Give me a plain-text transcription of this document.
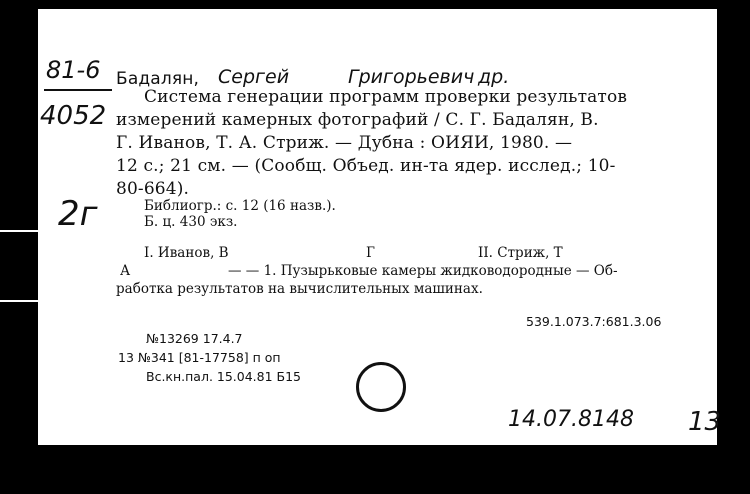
81-6
4052
2г
Бадалян, Сергей	Григорьевич др.
Система генерации программ проверки результатов
измерений камерных фотографий / С. Г. Бадалян, В.
Г. Иванов, Т. А. Стриж. — Дубна : ОИЯИ, 1980. —
12 с.; 21 см. — (Сообщ. Объед. ин-та ядер. исслед.; 10-
80-664).
Библиогр.: с. 12 (16 назв.).
Б. ц. 430 экз.
I. Иванов, В	Г	II. Стриж, Т
А	— — 1. Пузырьковые камеры жидководородные — Об-
работка результатов на вычислительных машинах.
539.1.073.7:681.3.06
№13269 17.4.7
13 №341 [81-17758] п оп
Вс.кн.пал. 15.04.81 Б15
14.07.8148 13
